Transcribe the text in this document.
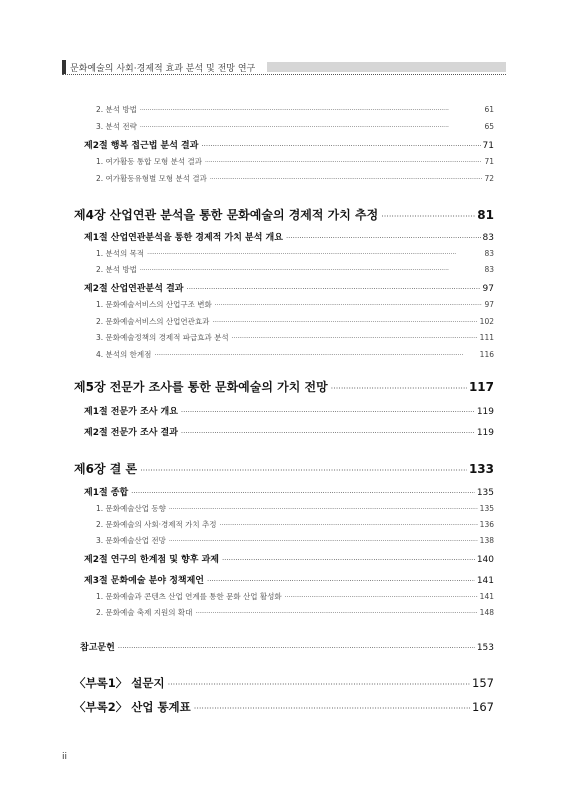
문화예술의 사회·경제적 효과 분석 및 전망 연구
2. 분석 방법 ·····	61
3. 분석 전략 ·····	65
제2절 행복 접근법 분석 결과 ·····	71
1. 여가활동 통합 모형 분석 결과 ·····	71
2. 여가활동유형별 모형 분석 결과 ·····	72
제4장 산업연관 분석을 통한 문화예술의 경제적 가치 추정 ·····	81
제1절 산업연관분석을 통한 경제적 가치 분석 개요 ·····	83
1. 분석의 목적 ·····	83
2. 분석 방법 ·····	83
제2절 산업연관분석 결과 ·····	97
1. 문화예술서비스의 산업구조 변화 ·····	97
2. 문화예술서비스의 산업연관효과 ·····	102
3. 문화예술정책의 경제적 파급효과 분석 ·····	111
4. 분석의 한계점 ·····	116
제5장 전문가 조사를 통한 문화예술의 가치 전망 ·····	117
제1절 전문가 조사 개요 ·····	119
제2절 전문가 조사 결과 ·····	119
제6장 결 론 ·····	133
제1절 종합 ·····	135
1. 문화예술산업 동향 ·····	135
2. 문화예술의 사회·경제적 가치 추정 ·····	136
3. 문화예술산업 전망 ·····	138
제2절 연구의 한계점 및 향후 과제 ·····	140
제3절 문화예술 분야 정책제언 ·····	141
1. 문화예술과 콘텐츠 산업 연계를 통한 문화 산업 활성화 ·····	141
2. 문화예술 축제 지원의 확대 ·····	148
참고문헌 ·····	153
〈부록1〉 설문지 ·····	157
〈부록2〉 산업 통계표 ·····	167
ii
